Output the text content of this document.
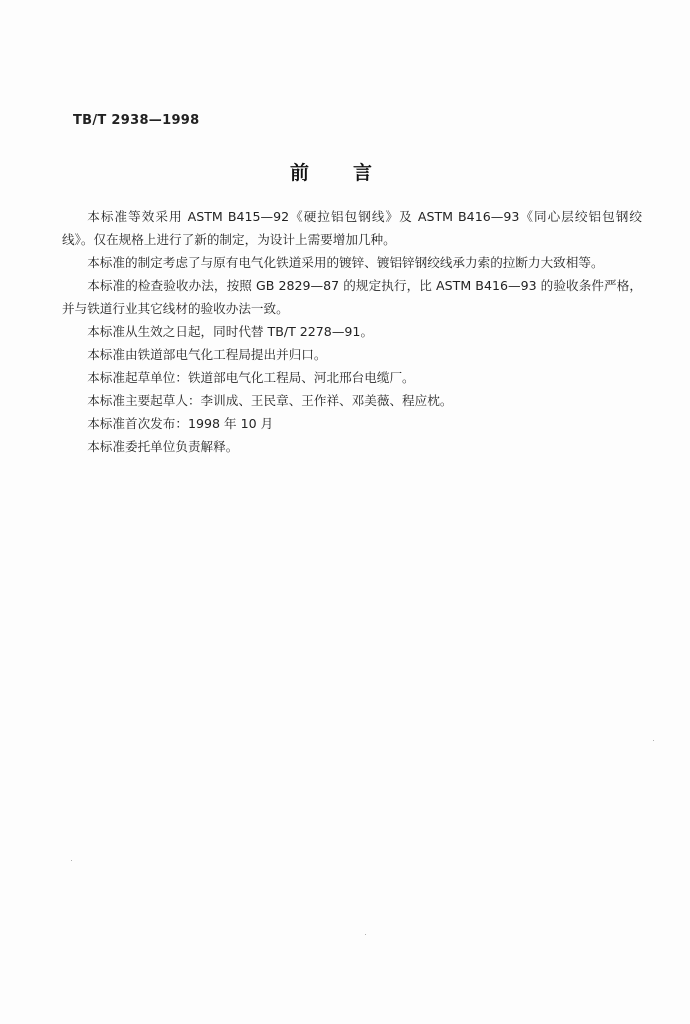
TB/T 2938—1998
前言

本标准等效采用 ASTM B415—92《硬拉铝包钢线》及 ASTM B416—93《同心层绞铝包钢绞线》。仅在规格上进行了新的制定，为设计上需要增加几种。

本标准的制定考虑了与原有电气化铁道采用的镀锌、镀铝锌钢绞线承力索的拉断力大致相等。

本标准的检查验收办法，按照 GB 2829—87 的规定执行，比 ASTM B416—93 的验收条件严格，并与铁道行业其它线材的验收办法一致。

本标准从生效之日起，同时代替 TB/T 2278—91。

本标准由铁道部电气化工程局提出并归口。

本标准起草单位：铁道部电气化工程局、河北邢台电缆厂。

本标准主要起草人：李训成、王民章、王作祥、邓美薇、程应枕。

本标准首次发布：1998 年 10 月

本标准委托单位负责解释。
